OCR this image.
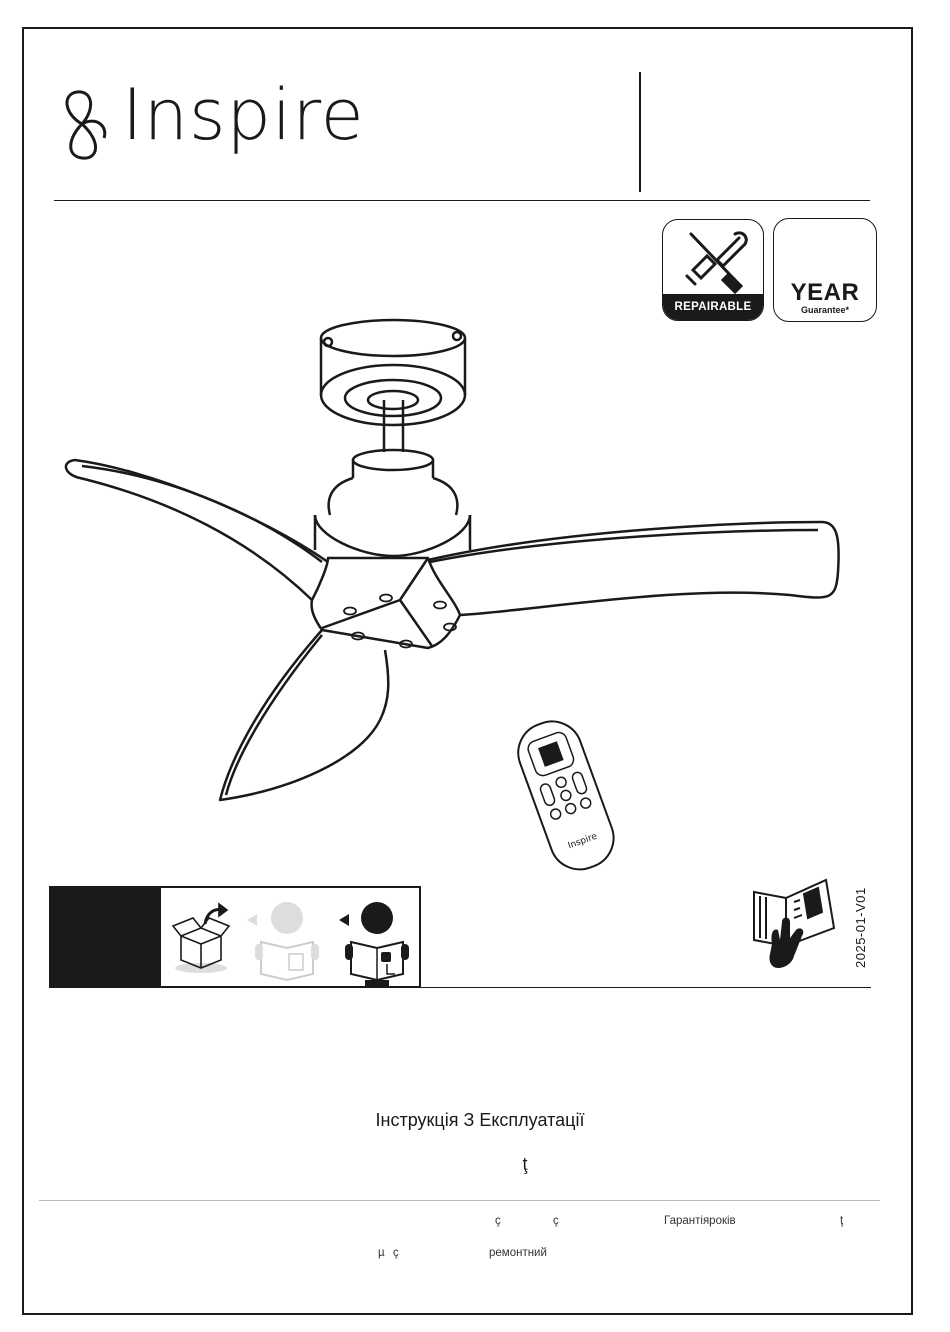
Inspire
REPAIRABLE
YEAR
Guarantee*
Inspire
2025-01-V01
Інструкція З Експлуатації
ţ
ç	ç	Гарантіяроків	ţ
µ ç	ремонтний
